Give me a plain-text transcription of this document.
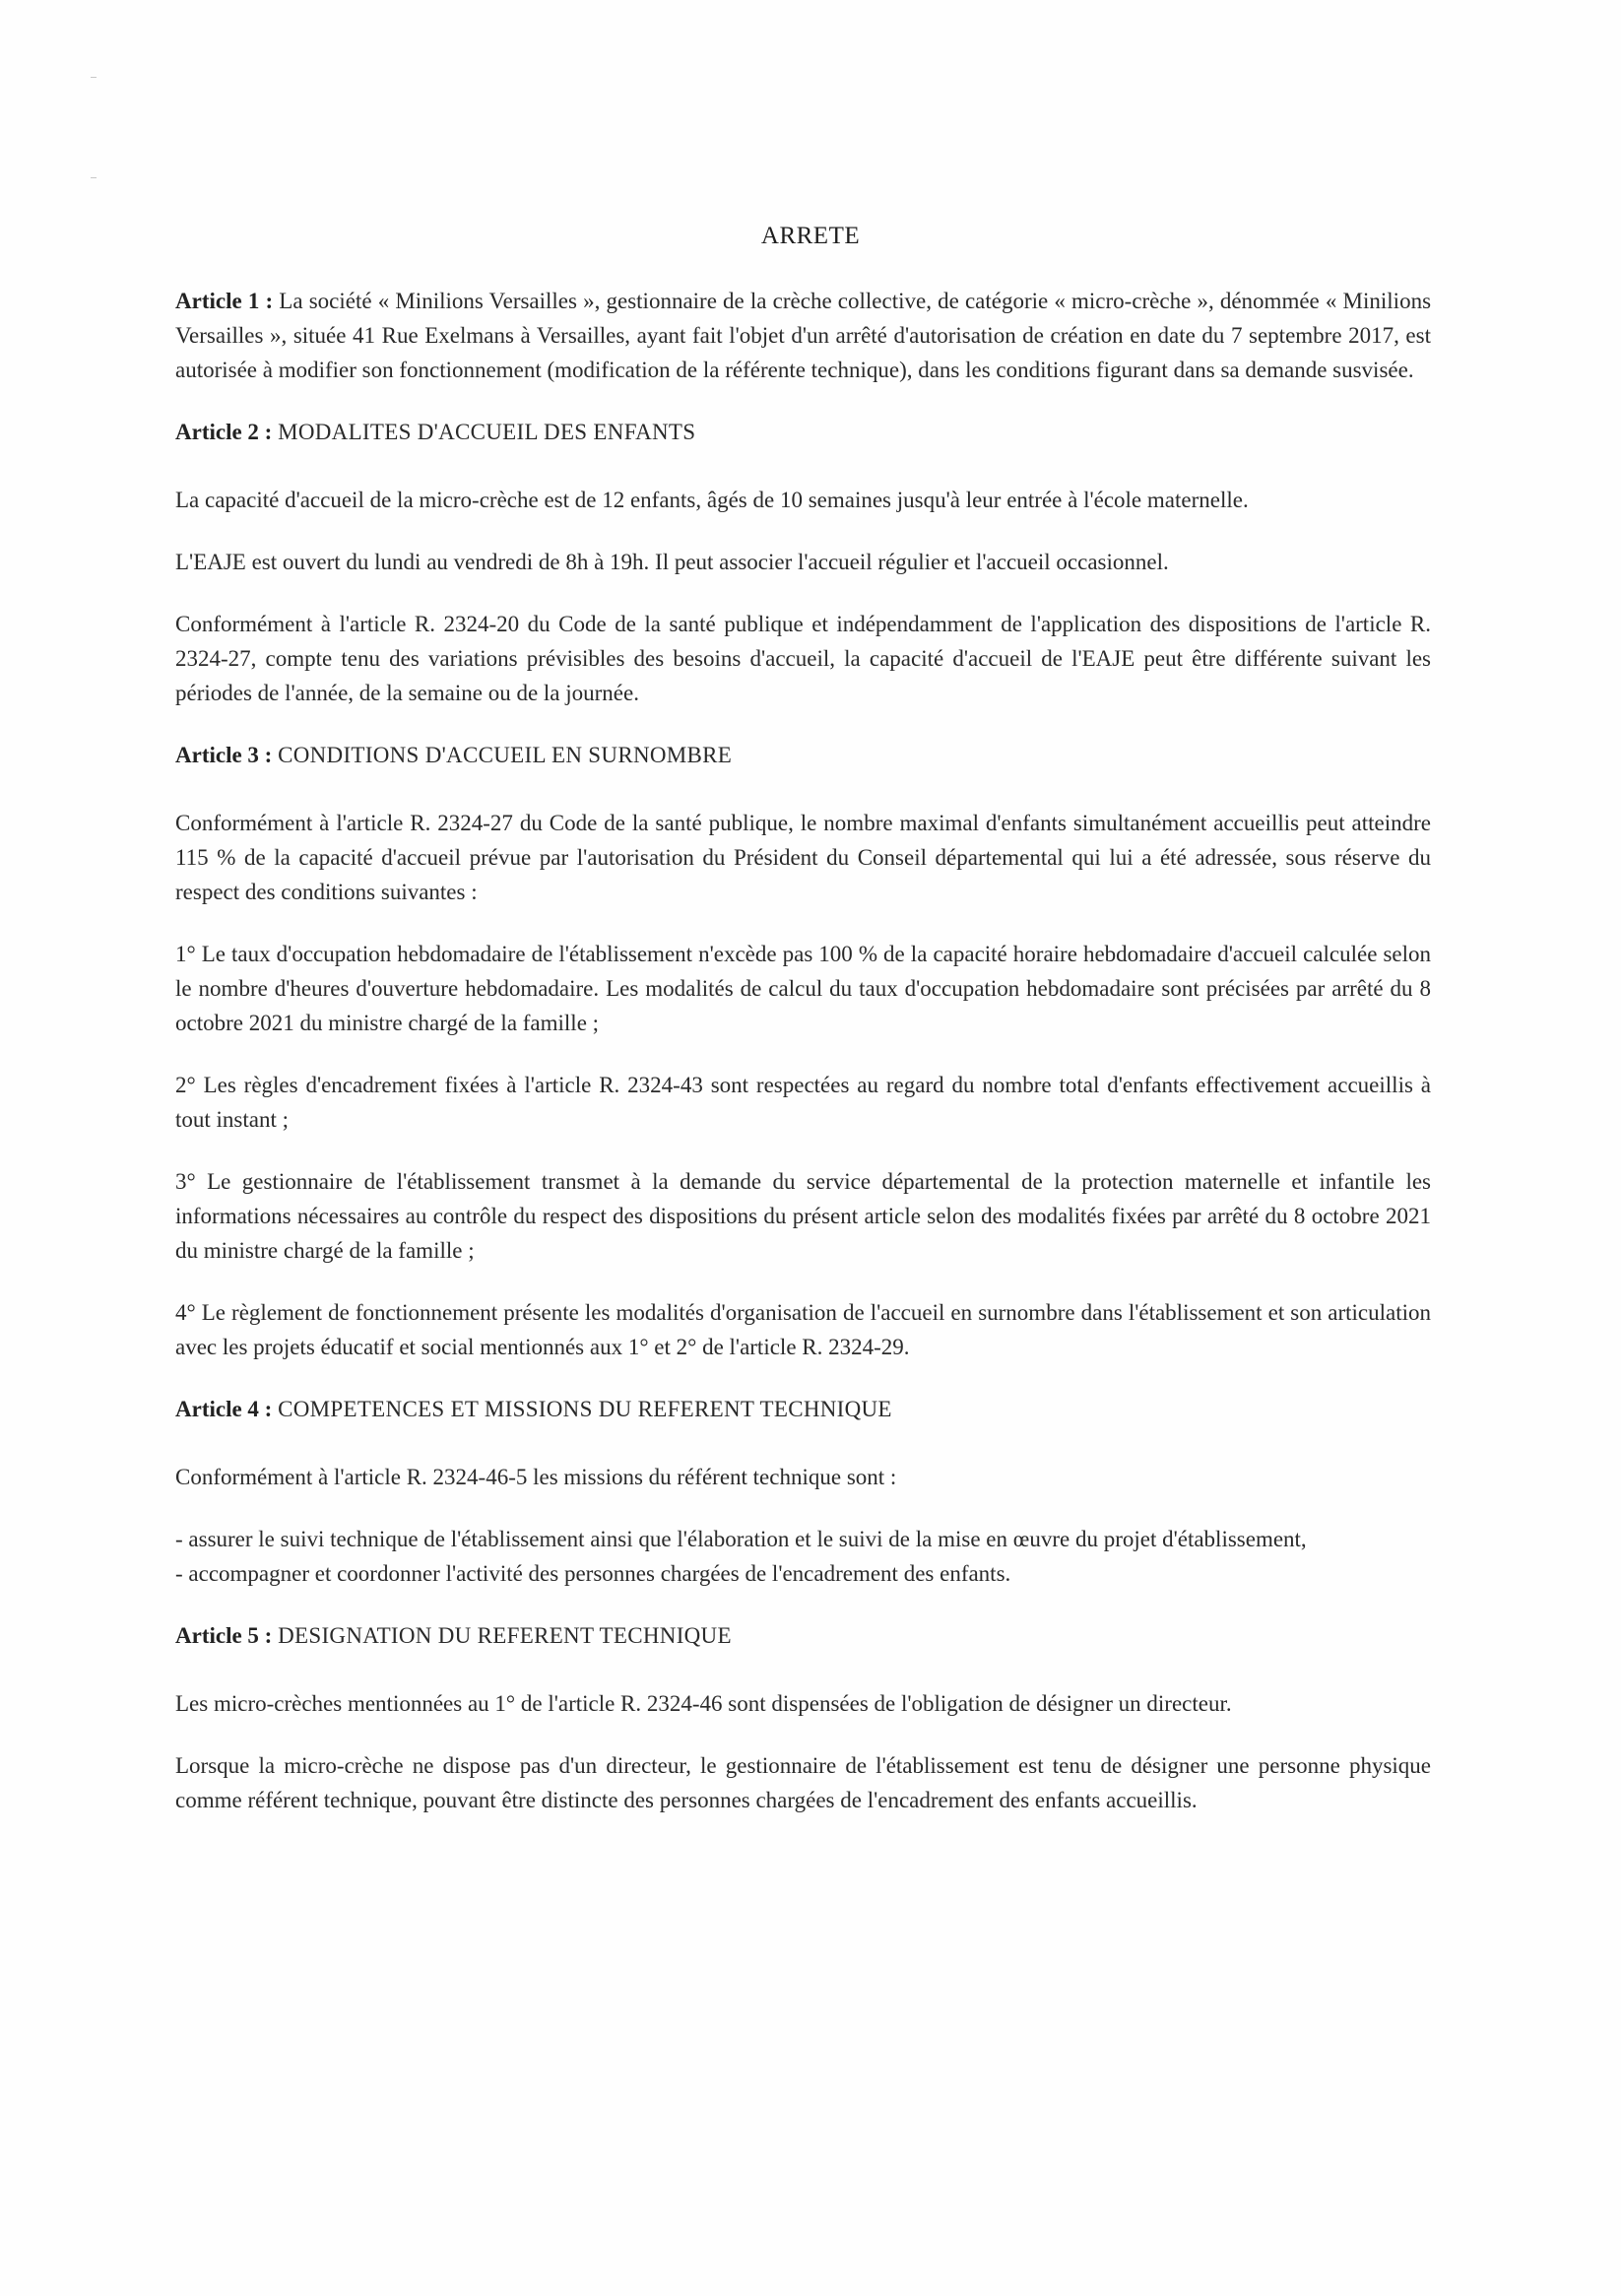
ARRETE

Article 1 : La société « Minilions Versailles », gestionnaire de la crèche collective, de catégorie « micro-crèche », dénommée « Minilions Versailles », située 41 Rue Exelmans à Versailles, ayant fait l'objet d'un arrêté d'autorisation de création en date du 7 septembre 2017, est autorisée à modifier son fonctionnement (modification de la référente technique), dans les conditions figurant dans sa demande susvisée.

Article 2 : MODALITES D'ACCUEIL DES ENFANTS

La capacité d'accueil de la micro-crèche est de 12 enfants, âgés de 10 semaines jusqu'à leur entrée à l'école maternelle.

L'EAJE est ouvert du lundi au vendredi de 8h à 19h. Il peut associer l'accueil régulier et l'accueil occasionnel.

Conformément à l'article R. 2324-20 du Code de la santé publique et indépendamment de l'application des dispositions de l'article R. 2324-27, compte tenu des variations prévisibles des besoins d'accueil, la capacité d'accueil de l'EAJE peut être différente suivant les périodes de l'année, de la semaine ou de la journée.

Article 3 : CONDITIONS D'ACCUEIL EN SURNOMBRE

Conformément à l'article R. 2324-27 du Code de la santé publique, le nombre maximal d'enfants simultanément accueillis peut atteindre 115 % de la capacité d'accueil prévue par l'autorisation du Président du Conseil départemental qui lui a été adressée, sous réserve du respect des conditions suivantes :

1° Le taux d'occupation hebdomadaire de l'établissement n'excède pas 100 % de la capacité horaire hebdomadaire d'accueil calculée selon le nombre d'heures d'ouverture hebdomadaire. Les modalités de calcul du taux d'occupation hebdomadaire sont précisées par arrêté du 8 octobre 2021 du ministre chargé de la famille ;

2° Les règles d'encadrement fixées à l'article R. 2324-43 sont respectées au regard du nombre total d'enfants effectivement accueillis à tout instant ;

3° Le gestionnaire de l'établissement transmet à la demande du service départemental de la protection maternelle et infantile les informations nécessaires au contrôle du respect des dispositions du présent article selon des modalités fixées par arrêté du 8 octobre 2021 du ministre chargé de la famille ;

4° Le règlement de fonctionnement présente les modalités d'organisation de l'accueil en surnombre dans l'établissement et son articulation avec les projets éducatif et social mentionnés aux 1° et 2° de l'article R. 2324-29.

Article 4 : COMPETENCES ET MISSIONS DU REFERENT TECHNIQUE

Conformément à l'article R. 2324-46-5 les missions du référent technique sont :

- assurer le suivi technique de l'établissement ainsi que l'élaboration et le suivi de la mise en œuvre du projet d'établissement,
- accompagner et coordonner l'activité des personnes chargées de l'encadrement des enfants.

Article 5 : DESIGNATION DU REFERENT TECHNIQUE

Les micro-crèches mentionnées au 1° de l'article R. 2324-46 sont dispensées de l'obligation de désigner un directeur.

Lorsque la micro-crèche ne dispose pas d'un directeur, le gestionnaire de l'établissement est tenu de désigner une personne physique comme référent technique, pouvant être distincte des personnes chargées de l'encadrement des enfants accueillis.
